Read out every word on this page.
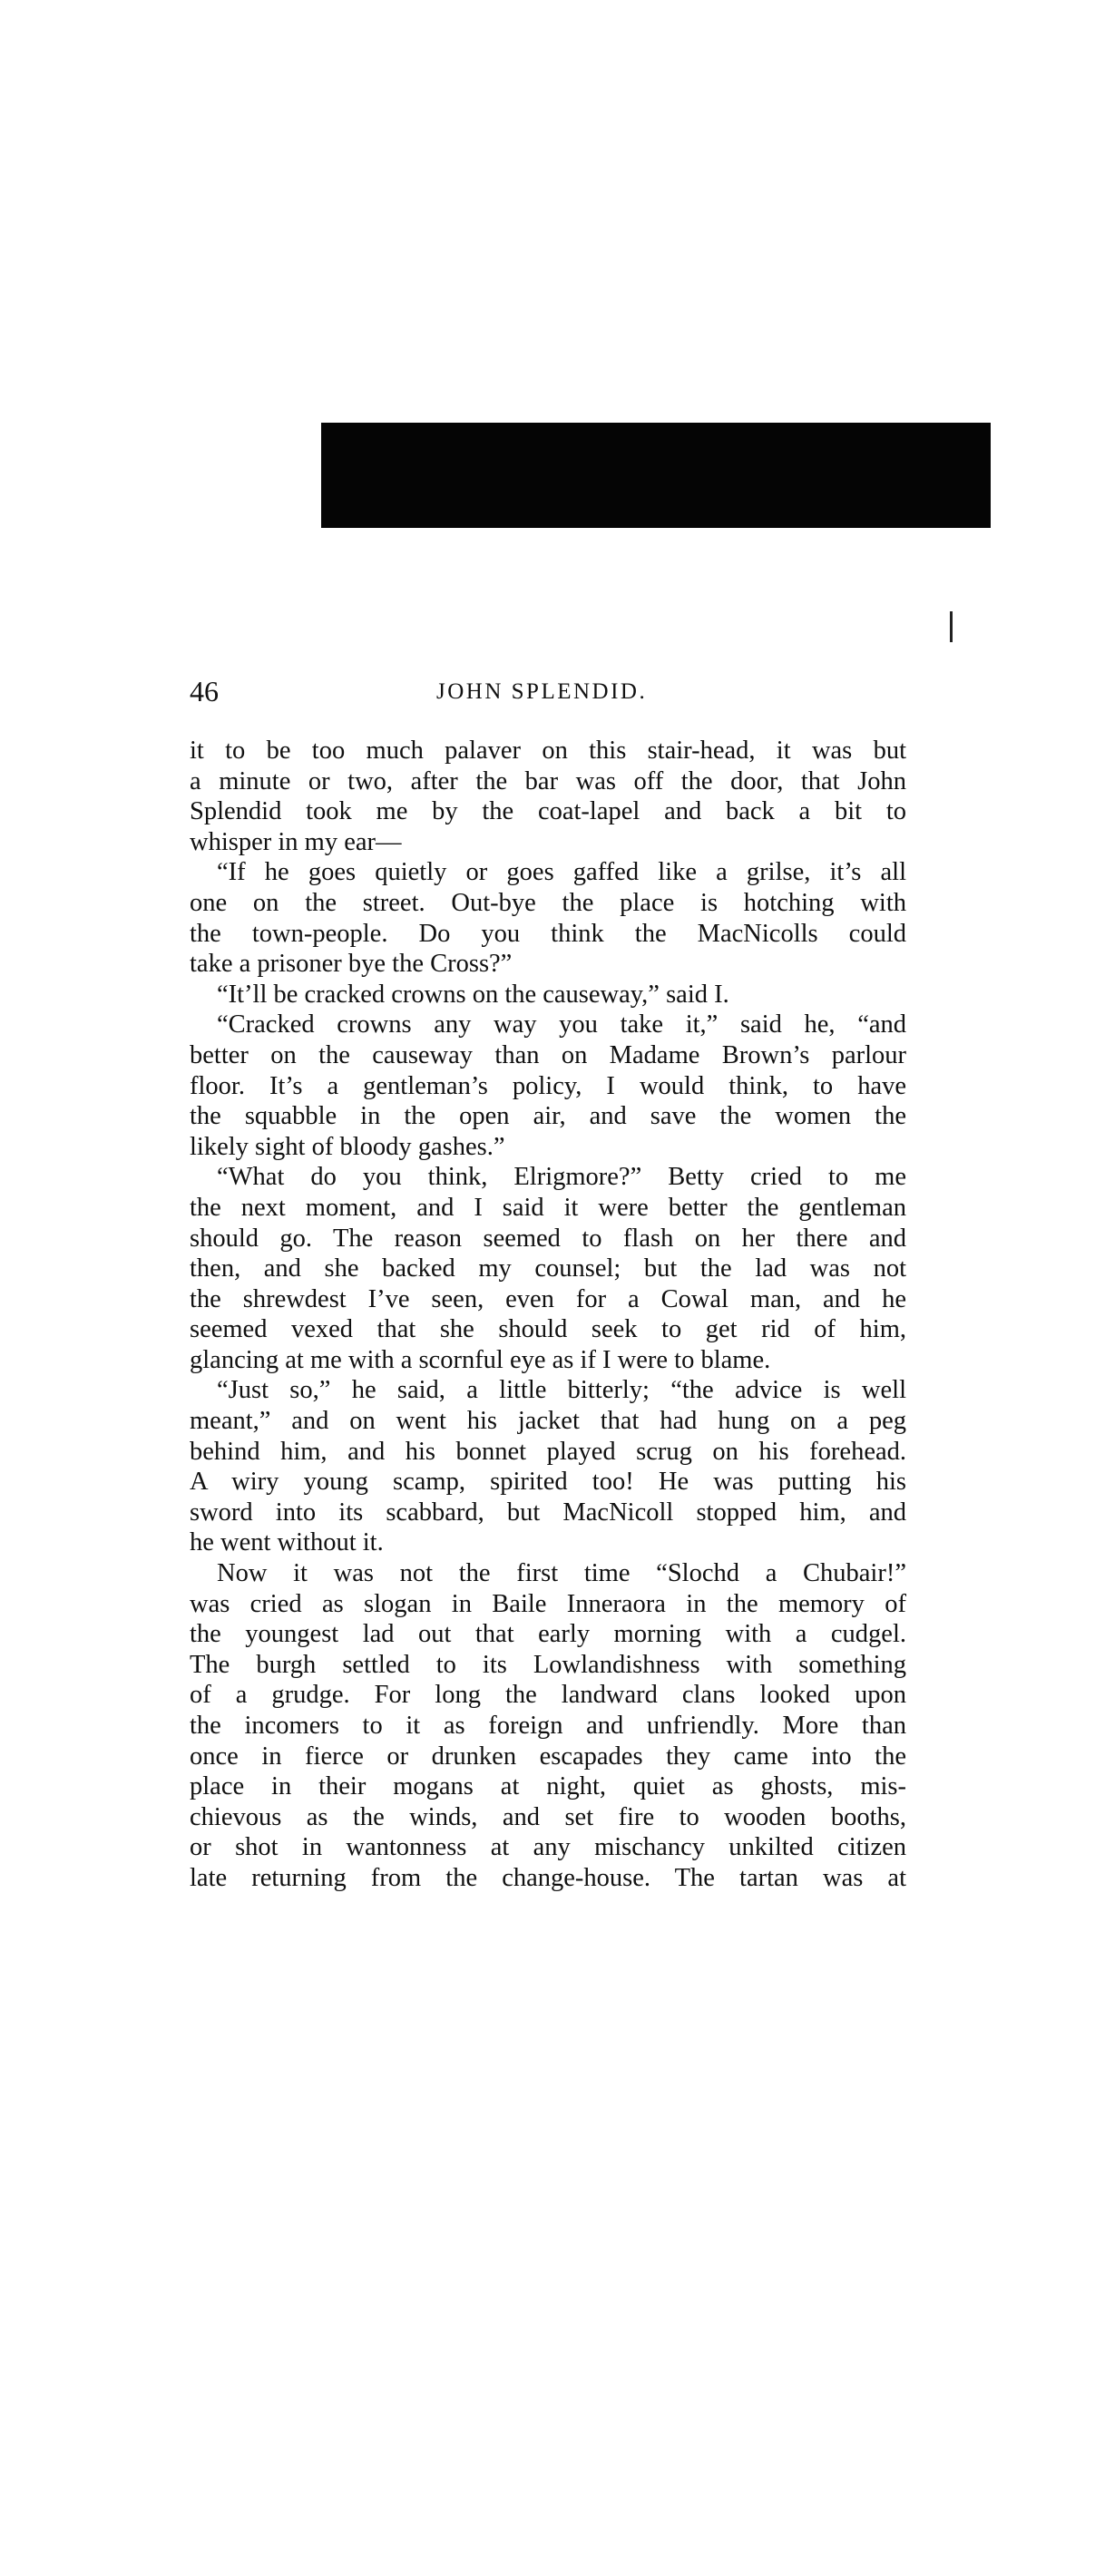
46	JOHN SPLENDID.
it to be too much palaver on this stair-head, it was but
a minute or two, after the bar was off the door, that John
Splendid took me by the coat-lapel and back a bit to
whisper in my ear—
“If he goes quietly or goes gaffed like a grilse, it’s all
one on the street. Out-bye the place is hotching with
the town-people. Do you think the MacNicolls could
take a prisoner bye the Cross?”
“It’ll be cracked crowns on the causeway,” said I.
“Cracked crowns any way you take it,” said he, “and
better on the causeway than on Madame Brown’s parlour
floor. It’s a gentleman’s policy, I would think, to have
the squabble in the open air, and save the women the
likely sight of bloody gashes.”
“What do you think, Elrigmore?” Betty cried to me
the next moment, and I said it were better the gentleman
should go. The reason seemed to flash on her there and
then, and she backed my counsel; but the lad was not
the shrewdest I’ve seen, even for a Cowal man, and he
seemed vexed that she should seek to get rid of him,
glancing at me with a scornful eye as if I were to blame.
“Just so,” he said, a little bitterly; “the advice is well
meant,” and on went his jacket that had hung on a peg
behind him, and his bonnet played scrug on his forehead.
A wiry young scamp, spirited too! He was putting his
sword into its scabbard, but MacNicoll stopped him, and
he went without it.
Now it was not the first time “Slochd a Chubair!”
was cried as slogan in Baile Inneraora in the memory of
the youngest lad out that early morning with a cudgel.
The burgh settled to its Lowlandishness with something
of a grudge. For long the landward clans looked upon
the incomers to it as foreign and unfriendly. More than
once in fierce or drunken escapades they came into the
place in their mogans at night, quiet as ghosts, mis-
chievous as the winds, and set fire to wooden booths,
or shot in wantonness at any mischancy unkilted citizen
late returning from the change-house. The tartan was at
